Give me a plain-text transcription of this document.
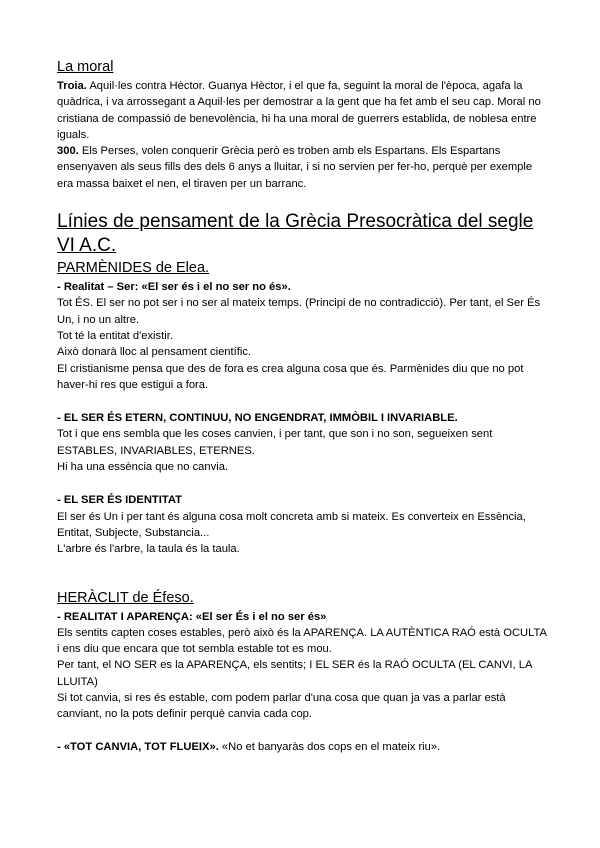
La moral

Troia. Aquil·les contra Hèctor. Guanya Hèctor, i el que fa, seguint la moral de l'època, agafa la quàdrica, i va arrossegant a Aquil·les per demostrar a la gent que ha fet amb el seu cap. Moral no cristiana de compassió de benevolència, hi ha una moral de guerrers establida, de noblesa entre iguals.

300. Els Perses, volen conquerir Grècia però es troben amb els Espartans. Els Espartans ensenyaven als seus fills des dels 6 anys a lluitar, i si no servien per fer-ho, perquè per exemple era massa baixet el nen, el tiraven per un barranc.

Línies de pensament de la Grècia Presocràtica del segle VI A.C.
PARMÈNIDES de Elea.

- Realitat – Ser: «El ser és i el no ser no és».

Tot ÉS. El ser no pot ser i no ser al mateix temps. (Principi de no contradicció). Per tant, el Ser És Un, i no un altre.

Tot té la entitat d'existir.

Això donarà lloc al pensament científic.

El cristianisme pensa que des de fora es crea alguna cosa que és. Parmènides diu que no pot haver-hi res que estigui a fora.

- EL SER ÉS ETERN, CONTINUU, NO ENGENDRAT, IMMÒBIL I INVARIABLE.

Tot i que ens sembla que les coses canvien, i per tant, que son i no son, segueixen sent ESTABLES, INVARIABLES, ETERNES.

Hi ha una essència que no canvia.

- EL SER ÉS IDENTITAT

El ser és Un i per tant és alguna cosa molt concreta amb si mateix. Es converteix en Essència, Entitat, Subjecte, Substancia...

L'arbre és l'arbre, la taula és la taula.

HERÀCLIT de Éfeso.

- REALITAT I APARENÇA: «El ser És i el no ser és»

Els sentits capten coses estables, però això és la APARENÇA. LA AUTÈNTICA RAÓ està OCULTA i ens diu que encara que tot sembla estable tot es mou.

Per tant, el NO SER es la APARENÇA, els sentits; I EL SER és la RAÓ OCULTA (EL CANVI, LA LLUITA)

Si tot canvia, si res és estable, com podem parlar d'una cosa que quan ja vas a parlar està canviant, no la pots definir perquè canvia cada cop.

- «TOT CANVIA, TOT FLUEIX». «No et banyaràs dos cops en el mateix riu».
